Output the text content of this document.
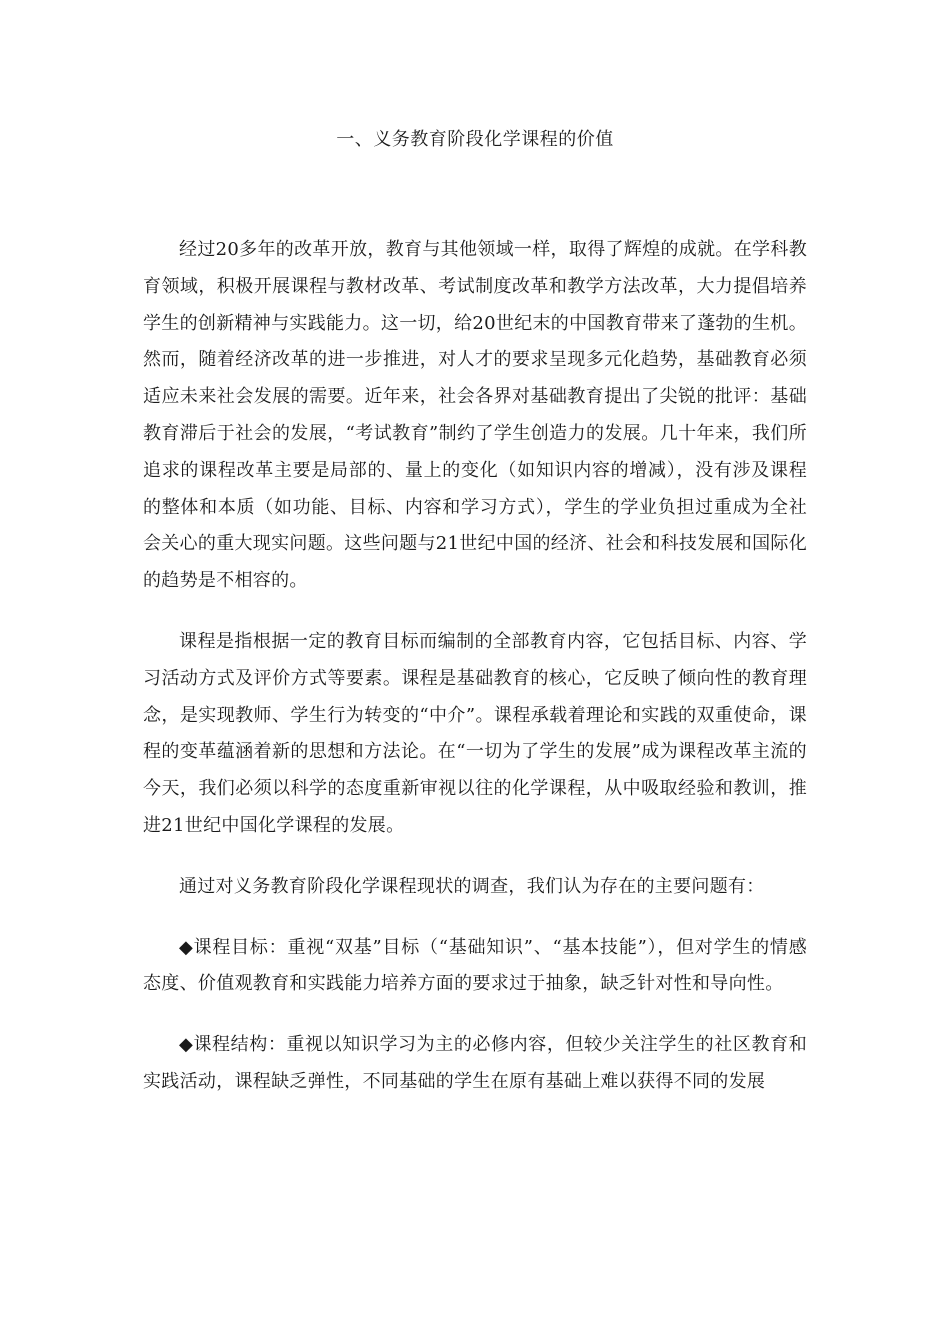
一、义务教育阶段化学课程的价值

经过20多年的改革开放，教育与其他领域一样，取得了辉煌的成就。在学科教育领域，积极开展课程与教材改革、考试制度改革和教学方法改革，大力提倡培养学生的创新精神与实践能力。这一切，给20世纪末的中国教育带来了蓬勃的生机。然而，随着经济改革的进一步推进，对人才的要求呈现多元化趋势，基础教育必须适应未来社会发展的需要。近年来，社会各界对基础教育提出了尖锐的批评：基础教育滞后于社会的发展，“考试教育”制约了学生创造力的发展。几十年来，我们所追求的课程改革主要是局部的、量上的变化（如知识内容的增减），没有涉及课程的整体和本质（如功能、目标、内容和学习方式），学生的学业负担过重成为全社会关心的重大现实问题。这些问题与21世纪中国的经济、社会和科技发展和国际化的趋势是不相容的。

课程是指根据一定的教育目标而编制的全部教育内容，它包括目标、内容、学习活动方式及评价方式等要素。课程是基础教育的核心，它反映了倾向性的教育理念，是实现教师、学生行为转变的“中介”。课程承载着理论和实践的双重使命，课程的变革蕴涵着新的思想和方法论。在“一切为了学生的发展”成为课程改革主流的今天，我们必须以科学的态度重新审视以往的化学课程，从中吸取经验和教训，推进21世纪中国化学课程的发展。

通过对义务教育阶段化学课程现状的调查，我们认为存在的主要问题有：

◆课程目标：重视“双基”目标（“基础知识”、“基本技能”），但对学生的情感态度、价值观教育和实践能力培养方面的要求过于抽象，缺乏针对性和导向性。

◆课程结构：重视以知识学习为主的必修内容，但较少关注学生的社区教育和实践活动，课程缺乏弹性，不同基础的学生在原有基础上难以获得不同的发展
